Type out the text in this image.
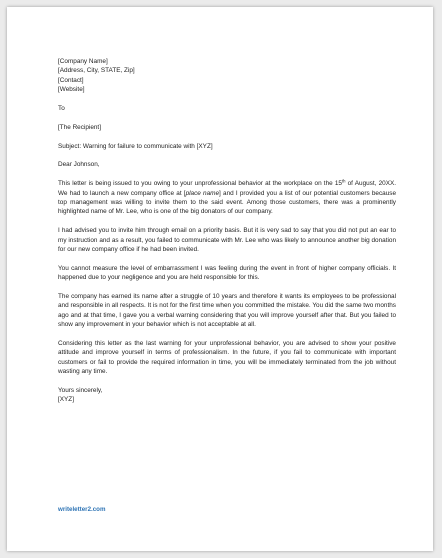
[Company Name]
[Address, City, STATE, Zip]
[Contact]
[Website]
To
[The Recipient]
Subject: Warning for failure to communicate with [XYZ]
Dear Johnson,

This letter is being issued to you owing to your unprofessional behavior at the workplace on the 15th of August, 20XX. We had to launch a new company office at [place name] and I provided you a list of our potential customers because top management was willing to invite them to the said event. Among those customers, there was a prominently highlighted name of Mr. Lee, who is one of the big donators of our company.

I had advised you to invite him through email on a priority basis. But it is very sad to say that you did not put an ear to my instruction and as a result, you failed to communicate with Mr. Lee who was likely to announce another big donation for our new company office if he had been invited.

You cannot measure the level of embarrassment I was feeling during the event in front of higher company officials. It happened due to your negligence and you are held responsible for this.

The company has earned its name after a struggle of 10 years and therefore it wants its employees to be professional and responsible in all respects. It is not for the first time when you committed the mistake. You did the same two months ago and at that time, I gave you a verbal warning considering that you will improve yourself after that. But you failed to show any improvement in your behavior which is not acceptable at all.

Considering this letter as the last warning for your unprofessional behavior, you are advised to show your positive attitude and improve yourself in terms of professionalism. In the future, if you fail to communicate with important customers or fail to provide the required information in time, you will be immediately terminated from the job without wasting any time.

Yours sincerely,
[XYZ]
writeletter2.com
